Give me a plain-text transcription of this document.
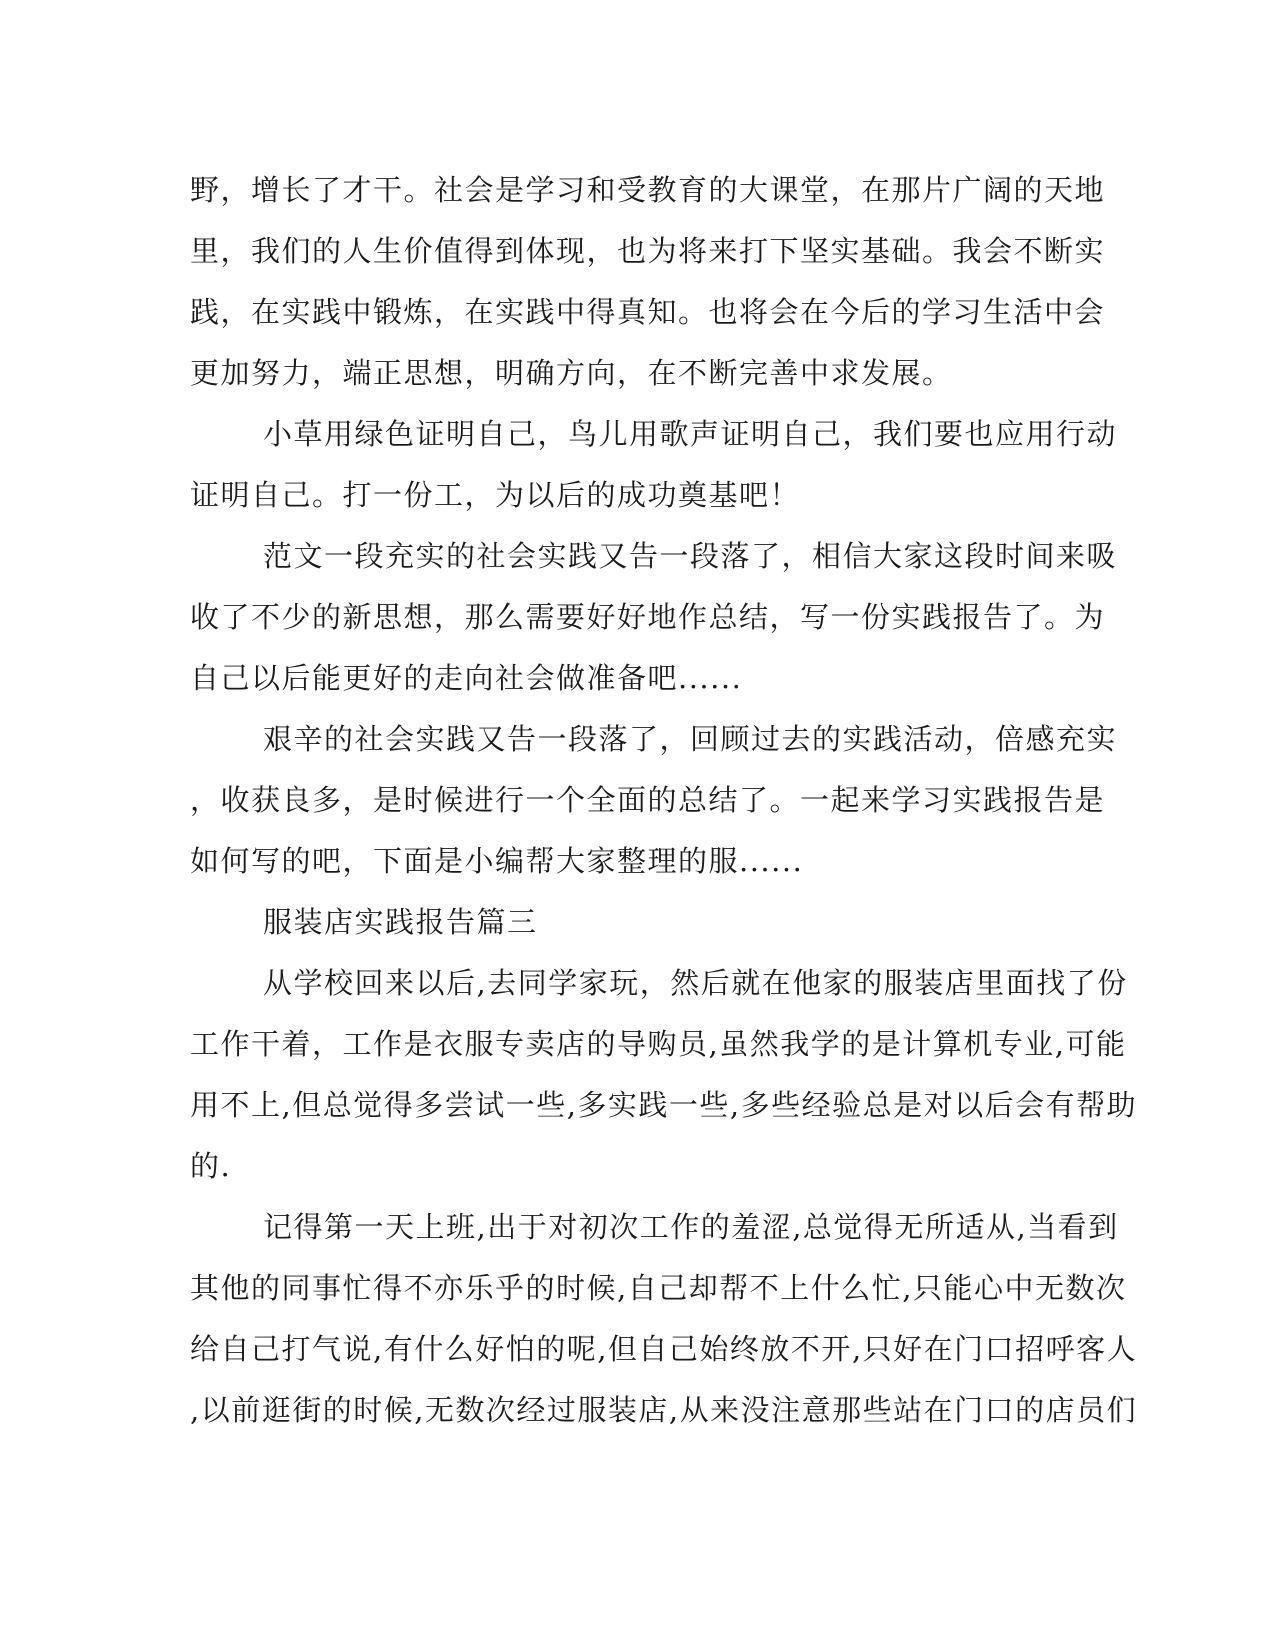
野，增长了才干。社会是学习和受教育的大课堂，在那片广阔的天地
里，我们的人生价值得到体现，也为将来打下坚实基础。我会不断实
践，在实践中锻炼，在实践中得真知。也将会在今后的学习生活中会
更加努力，端正思想，明确方向，在不断完善中求发展。
小草用绿色证明自己，鸟儿用歌声证明自己，我们要也应用行动
证明自己。打一份工，为以后的成功奠基吧！
范文一段充实的社会实践又告一段落了，相信大家这段时间来吸
收了不少的新思想，那么需要好好地作总结，写一份实践报告了。为
自己以后能更好的走向社会做准备吧......
艰辛的社会实践又告一段落了，回顾过去的实践活动，倍感充实
，收获良多，是时候进行一个全面的总结了。一起来学习实践报告是
如何写的吧，下面是小编帮大家整理的服......
服装店实践报告篇三
从学校回来以后,去同学家玩，然后就在他家的服装店里面找了份
工作干着，工作是衣服专卖店的导购员,虽然我学的是计算机专业,可能
用不上,但总觉得多尝试一些,多实践一些,多些经验总是对以后会有帮助
的.
记得第一天上班,出于对初次工作的羞涩,总觉得无所适从,当看到
其他的同事忙得不亦乐乎的时候,自己却帮不上什么忙,只能心中无数次
给自己打气说,有什么好怕的呢,但自己始终放不开,只好在门口招呼客人
,以前逛街的时候,无数次经过服装店,从来没注意那些站在门口的店员们
